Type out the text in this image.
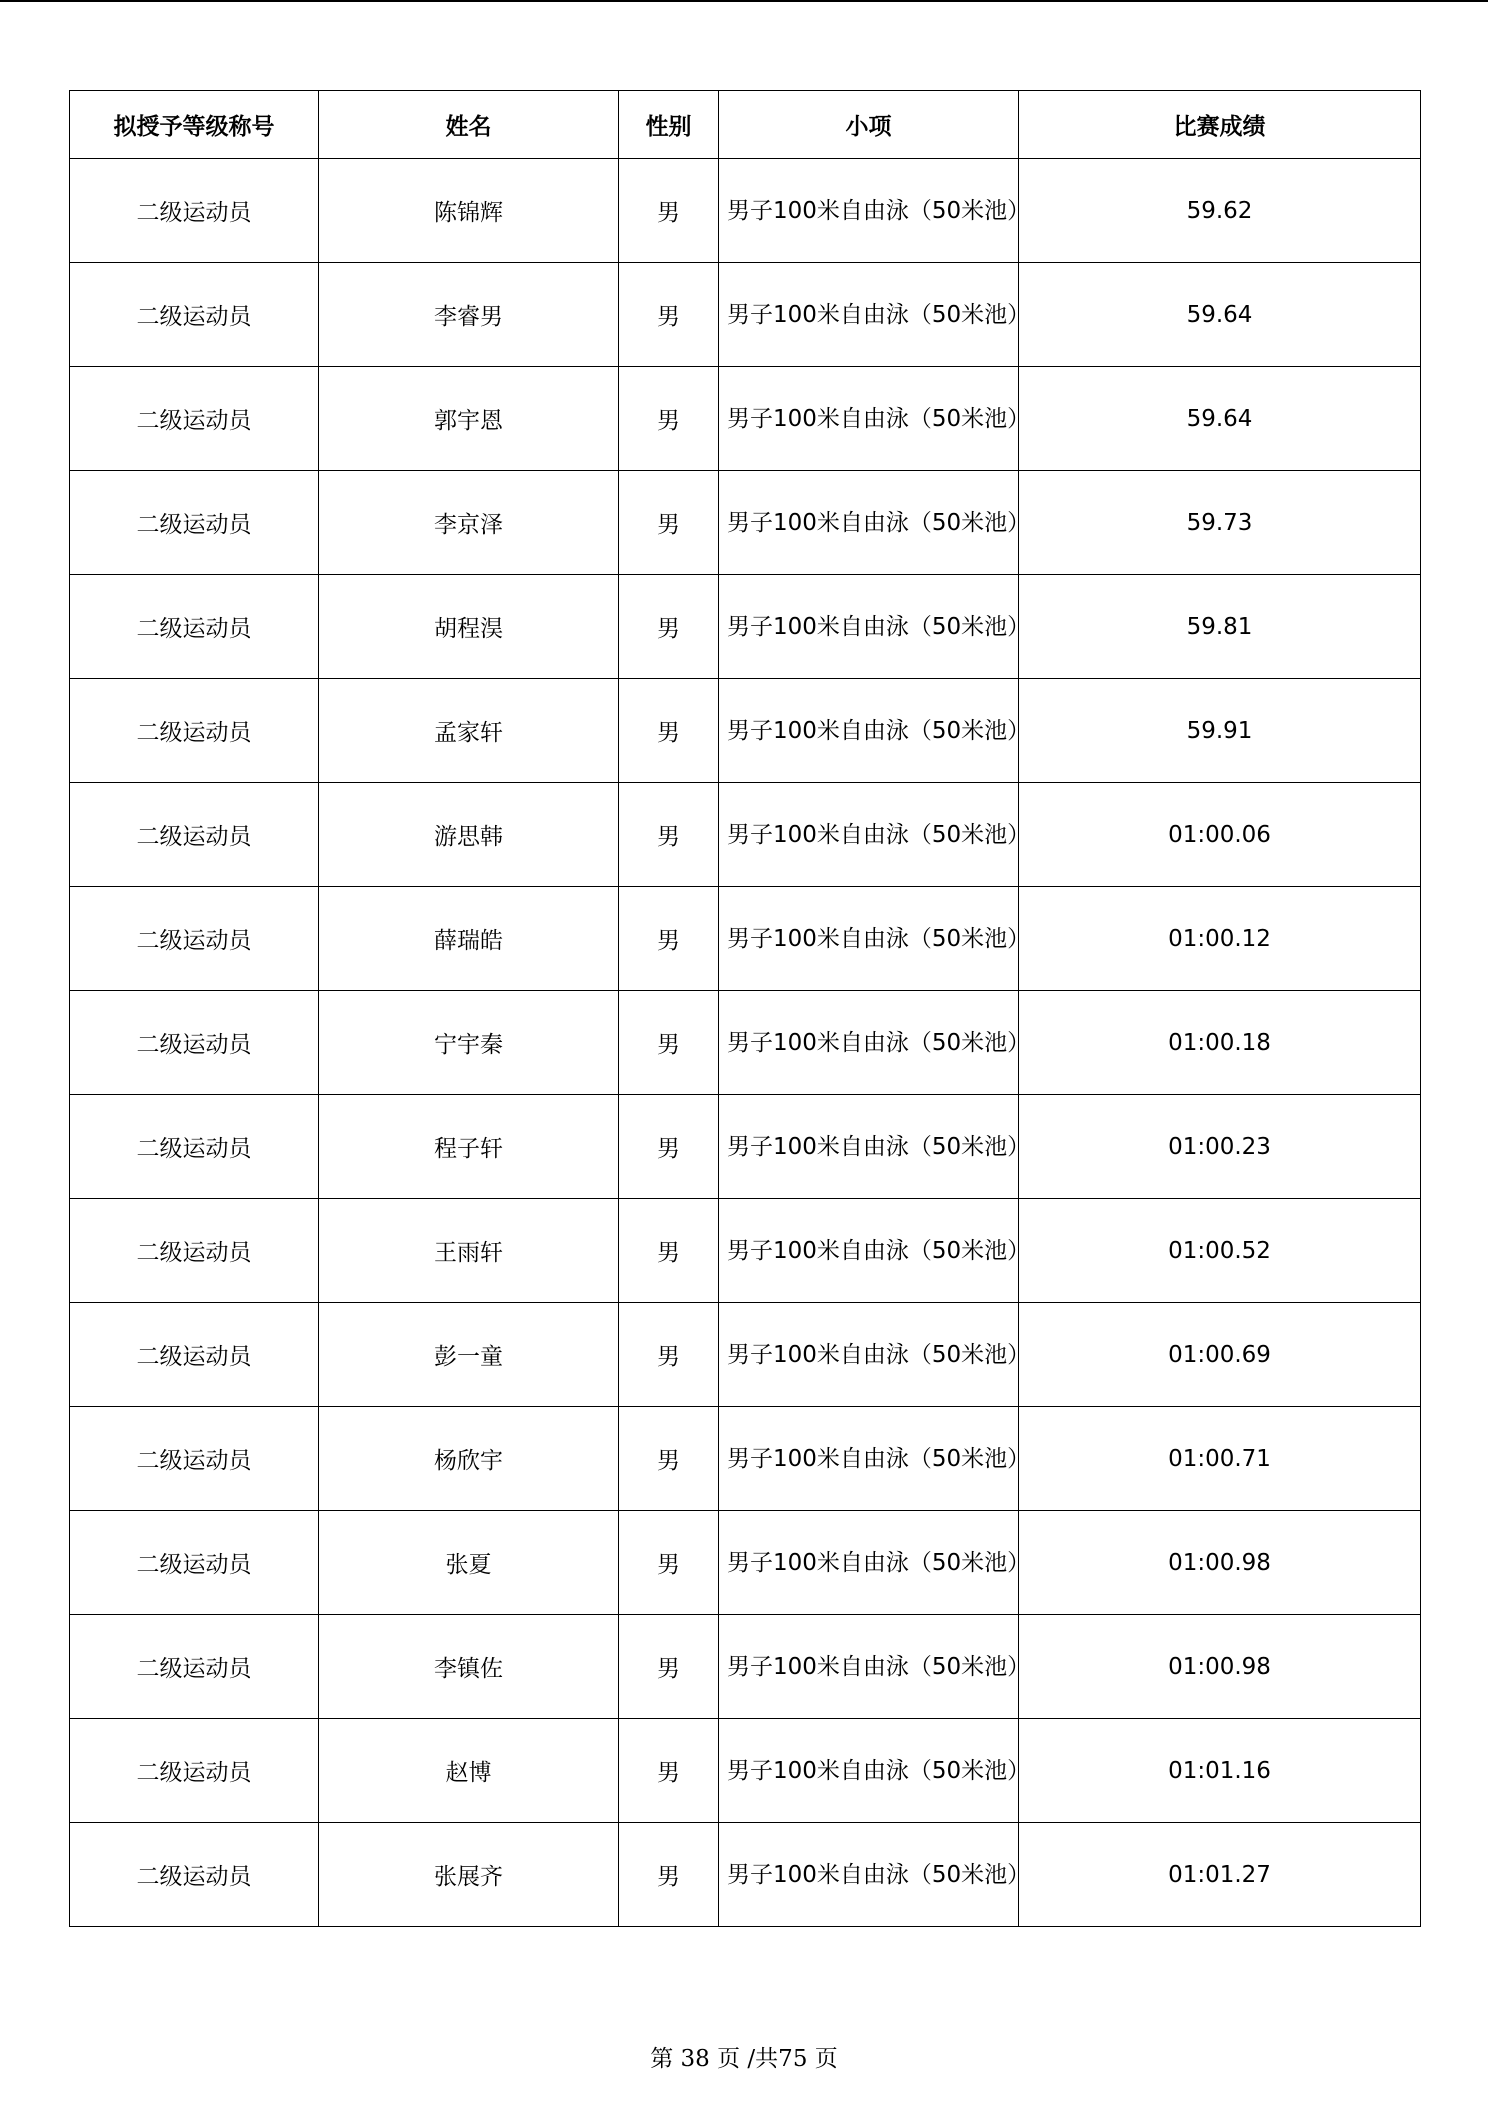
拟授予等级称号	姓名	性别	小项	比赛成绩
二级运动员	陈锦辉	男	男子100米自由泳（50米池）	59.62
二级运动员	李睿男	男	男子100米自由泳（50米池）	59.64
二级运动员	郭宇恩	男	男子100米自由泳（50米池）	59.64
二级运动员	李京泽	男	男子100米自由泳（50米池）	59.73
二级运动员	胡程淏	男	男子100米自由泳（50米池）	59.81
二级运动员	孟家轩	男	男子100米自由泳（50米池）	59.91
二级运动员	游思韩	男	男子100米自由泳（50米池）	01:00.06
二级运动员	薛瑞皓	男	男子100米自由泳（50米池）	01:00.12
二级运动员	宁宇秦	男	男子100米自由泳（50米池）	01:00.18
二级运动员	程子轩	男	男子100米自由泳（50米池）	01:00.23
二级运动员	王雨轩	男	男子100米自由泳（50米池）	01:00.52
二级运动员	彭一童	男	男子100米自由泳（50米池）	01:00.69
二级运动员	杨欣宇	男	男子100米自由泳（50米池）	01:00.71
二级运动员	张夏	男	男子100米自由泳（50米池）	01:00.98
二级运动员	李镇佐	男	男子100米自由泳（50米池）	01:00.98
二级运动员	赵博	男	男子100米自由泳（50米池）	01:01.16
二级运动员	张展齐	男	男子100米自由泳（50米池）	01:01.27
第 38 页 /共75 页
